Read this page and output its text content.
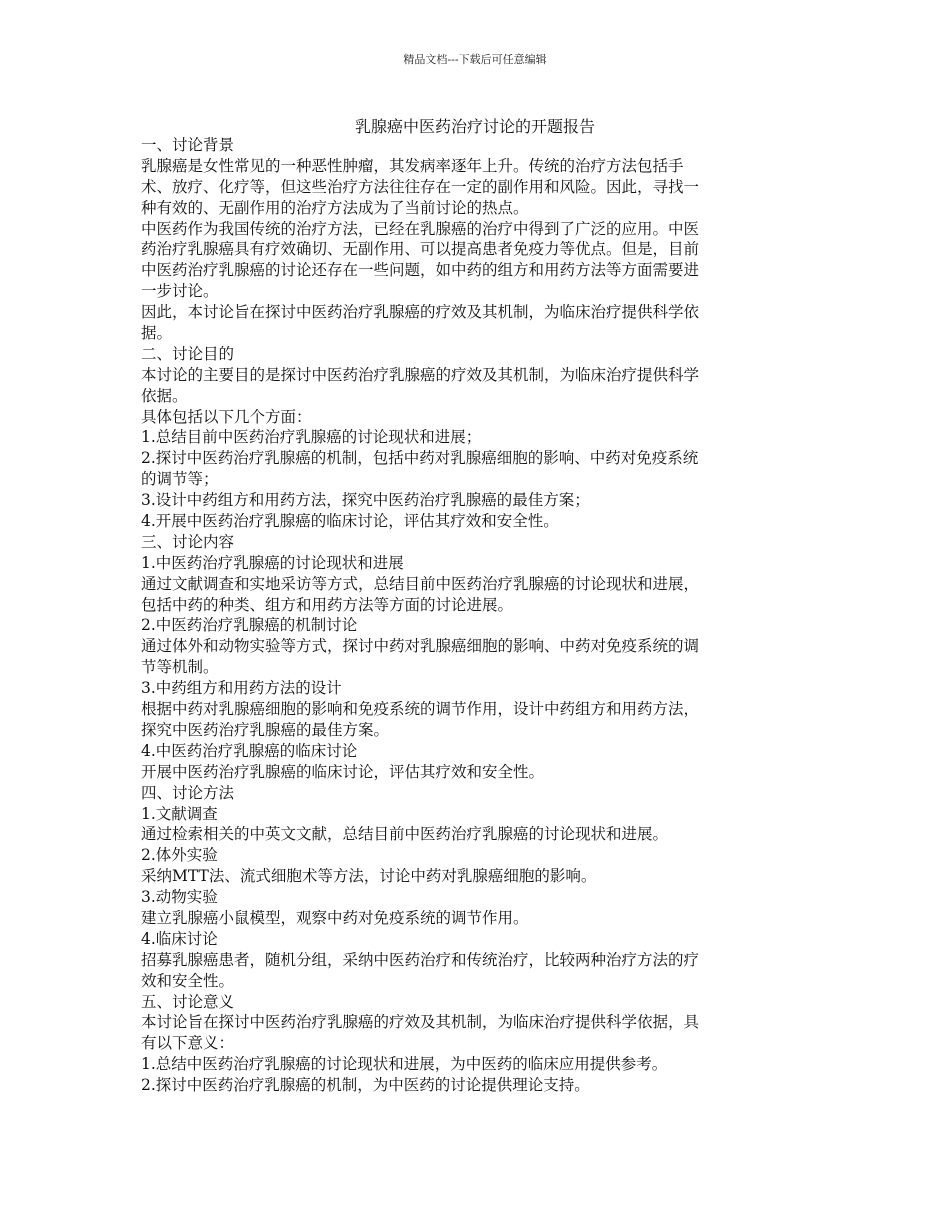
精品文档---下载后可任意编辑
乳腺癌中医药治疗讨论的开题报告
一、讨论背景
乳腺癌是女性常见的一种恶性肿瘤，其发病率逐年上升。传统的治疗方法包括手
术、放疗、化疗等，但这些治疗方法往往存在一定的副作用和风险。因此，寻找一
种有效的、无副作用的治疗方法成为了当前讨论的热点。
中医药作为我国传统的治疗方法，已经在乳腺癌的治疗中得到了广泛的应用。中医
药治疗乳腺癌具有疗效确切、无副作用、可以提高患者免疫力等优点。但是，目前
中医药治疗乳腺癌的讨论还存在一些问题，如中药的组方和用药方法等方面需要进
一步讨论。
因此，本讨论旨在探讨中医药治疗乳腺癌的疗效及其机制，为临床治疗提供科学依
据。
二、讨论目的
本讨论的主要目的是探讨中医药治疗乳腺癌的疗效及其机制，为临床治疗提供科学
依据。
具体包括以下几个方面：
1.总结目前中医药治疗乳腺癌的讨论现状和进展；
2.探讨中医药治疗乳腺癌的机制，包括中药对乳腺癌细胞的影响、中药对免疫系统
的调节等；
3.设计中药组方和用药方法，探究中医药治疗乳腺癌的最佳方案；
4.开展中医药治疗乳腺癌的临床讨论，评估其疗效和安全性。
三、讨论内容
1.中医药治疗乳腺癌的讨论现状和进展
通过文献调查和实地采访等方式，总结目前中医药治疗乳腺癌的讨论现状和进展，
包括中药的种类、组方和用药方法等方面的讨论进展。
2.中医药治疗乳腺癌的机制讨论
通过体外和动物实验等方式，探讨中药对乳腺癌细胞的影响、中药对免疫系统的调
节等机制。
3.中药组方和用药方法的设计
根据中药对乳腺癌细胞的影响和免疫系统的调节作用，设计中药组方和用药方法，
探究中医药治疗乳腺癌的最佳方案。
4.中医药治疗乳腺癌的临床讨论
开展中医药治疗乳腺癌的临床讨论，评估其疗效和安全性。
四、讨论方法
1.文献调查
通过检索相关的中英文文献，总结目前中医药治疗乳腺癌的讨论现状和进展。
2.体外实验
采纳MTT法、流式细胞术等方法，讨论中药对乳腺癌细胞的影响。
3.动物实验
建立乳腺癌小鼠模型，观察中药对免疫系统的调节作用。
4.临床讨论
招募乳腺癌患者，随机分组，采纳中医药治疗和传统治疗，比较两种治疗方法的疗
效和安全性。
五、讨论意义
本讨论旨在探讨中医药治疗乳腺癌的疗效及其机制，为临床治疗提供科学依据，具
有以下意义：
1.总结中医药治疗乳腺癌的讨论现状和进展，为中医药的临床应用提供参考。
2.探讨中医药治疗乳腺癌的机制，为中医药的讨论提供理论支持。
